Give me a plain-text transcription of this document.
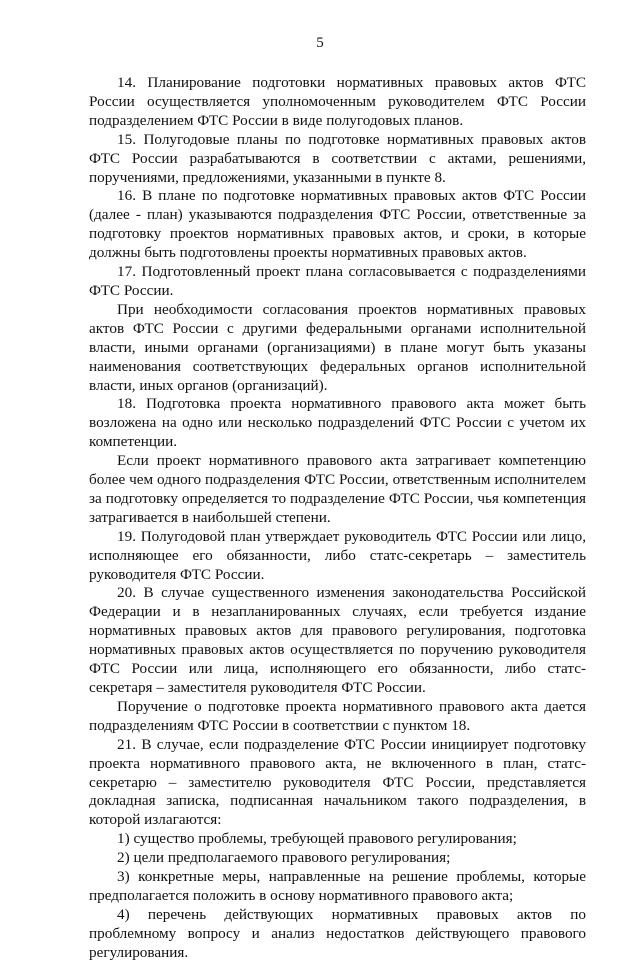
5

14. Планирование подготовки нормативных правовых актов ФТС России осуществляется уполномоченным руководителем ФТС России подразделением ФТС России в виде полугодовых планов.

15. Полугодовые планы по подготовке нормативных правовых актов ФТС России разрабатываются в соответствии с актами, решениями, поручениями, предложениями, указанными в пункте 8.

16. В плане по подготовке нормативных правовых актов ФТС России (далее - план) указываются подразделения ФТС России, ответственные за подготовку проектов нормативных правовых актов, и сроки, в которые должны быть подготовлены проекты нормативных правовых актов.

17. Подготовленный проект плана согласовывается с подразделениями ФТС России.

При необходимости согласования проектов нормативных правовых актов ФТС России с другими федеральными органами исполнительной власти, иными органами (организациями) в плане могут быть указаны наименования соответствующих федеральных органов исполнительной власти, иных органов (организаций).

18. Подготовка проекта нормативного правового акта может быть возложена на одно или несколько подразделений ФТС России с учетом их компетенции.

Если проект нормативного правового акта затрагивает компетенцию более чем одного подразделения ФТС России, ответственным исполнителем за подготовку определяется то подразделение ФТС России, чья компетенция затрагивается в наибольшей степени.

19. Полугодовой план утверждает руководитель ФТС России или лицо, исполняющее его обязанности, либо статс-секретарь – заместитель руководителя ФТС России.

20. В случае существенного изменения законодательства Российской Федерации и в незапланированных случаях, если требуется издание нормативных правовых актов для правового регулирования, подготовка нормативных правовых актов осуществляется по поручению руководителя ФТС России или лица, исполняющего его обязанности, либо статс-секретаря – заместителя руководителя ФТС России.

Поручение о подготовке проекта нормативного правового акта дается подразделениям ФТС России в соответствии с пунктом 18.

21. В случае, если подразделение ФТС России инициирует подготовку проекта нормативного правового акта, не включенного в план, статс-секретарю – заместителю руководителя ФТС России, представляется докладная записка, подписанная начальником такого подразделения, в которой излагаются:

1) существо проблемы, требующей правового регулирования;

2) цели предполагаемого правового регулирования;

3) конкретные меры, направленные на решение проблемы, которые предполагается положить в основу нормативного правового акта;

4) перечень действующих нормативных правовых актов по проблемному вопросу и анализ недостатков действующего правового регулирования.
